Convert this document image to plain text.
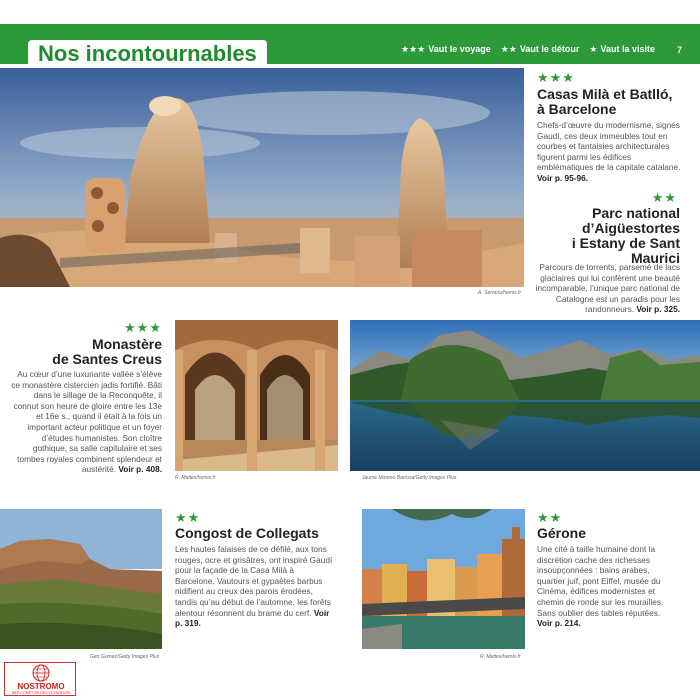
Nos incontournables	★★★ Vaut le voyage ★★ Vaut le détour ★ Vaut la visite 7
A. Serrano/hemis.fr
★★★
Casas Milà et Batlló,
à Barcelone
Chefs-d’œuvre du modernisme, signés Gaudí, ces deux immeubles tout en courbes et fantaisies architecturales figurent parmi les édifices emblématiques de la capitale catalane. Voir p. 95-96.
★★
Parc national
d’Aigüestortes
i Estany de Sant
Maurici
Parcours de torrents, parsemé de lacs glaciaires qui lui confèrent une beauté incomparable, l’unique parc national de Catalogne est un paradis pour les randonneurs. Voir p. 325.
★★★
Monastère
de Santes Creus
Au cœur d’une luxuriante vallée s’élève ce monastère cistercien jadis fortifié. Bâti dans le sillage de la Reconquête, il connut son heure de gloire entre les 13e et 16e s., quand il était à la fois un important acteur politique et un foyer d’études humanistes. Son cloître gothique, sa salle capitulaire et ses tombes royales combinent splendeur et austérité. Voir p. 408.
R. Mattes/hemis.fr	Jaume Moreno Barrosa/Getty Images Plus
Geo Gomez/Getty Images Plus
★★
Congost de Collegats
Les hautes falaises de ce défilé, aux tons rouges, ocre et grisâtres, ont inspiré Gaudí pour la façade de la Casa Milà à Barcelone. Vautours et gypaètes barbus nidifient au creux des parois érodées, tandis qu’au début de l’automne, les forêts alentour résonnent du brame du cerf. Voir p. 319.
R. Mattes/hemis.fr
★★
Gérone
Une cité à taille humaine dont la discrétion cache des richesses insoupçonnées : bains arabes, quartier juif, pont Eiffel, musée du Cinéma, édifices modernistes et chemin de ronde sur les murailles. Sans oublier des tables réputées. Voir p. 214.
NOSTROMO
WEB COMPTOIR DES VOYAGEURS
